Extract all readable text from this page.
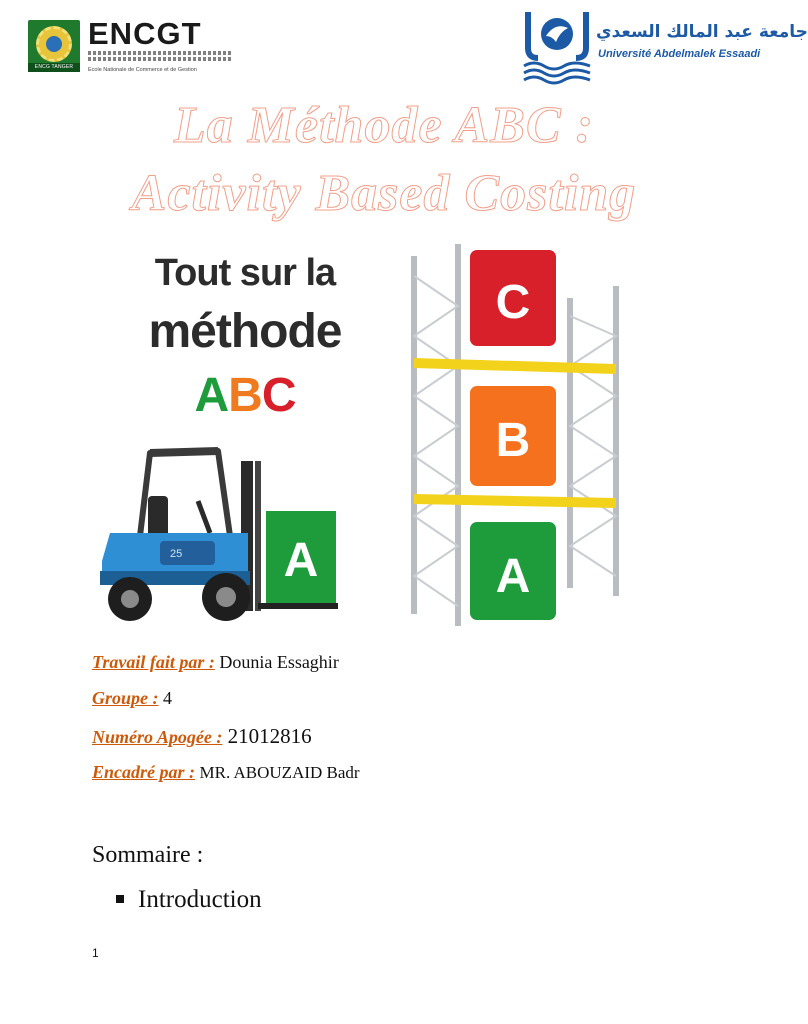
ENCG TANGER
ENCGT
Ecole Nationale de Commerce et de Gestion
جامعة عبد المالك السعدي
Université Abdelmalek Essaadi
La Méthode ABC :
Activity Based Costing
Tout sur la
méthode
ABC
25 A
C
B
A
Travail fait par : Dounia Essaghir
Groupe : 4
Numéro Apogée : 21012816
Encadré par : MR. ABOUZAID Badr
Sommaire :
Introduction
1
